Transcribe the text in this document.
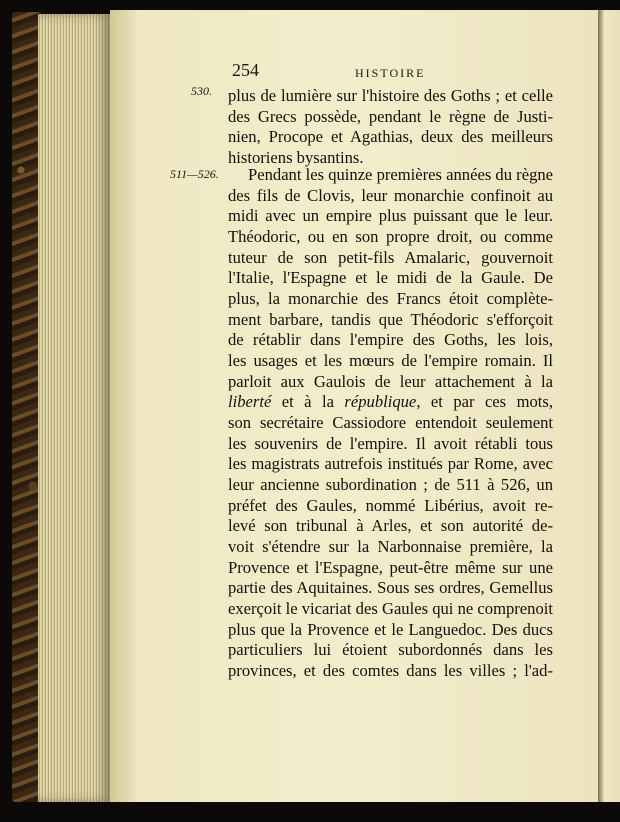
254	HISTOIRE
530.
511—526.

plus de lumière sur l'histoire des Goths ; et celle

des Grecs possède, pendant le règne de Justi-

nien, Procope et Agathias, deux des meilleurs

historiens bysantins.

Pendant les quinze premières années du règne

des fils de Clovis, leur monarchie confinoit au

midi avec un empire plus puissant que le leur.

Théodoric, ou en son propre droit, ou comme

tuteur de son petit-fils Amalaric, gouvernoit

l'Italie, l'Espagne et le midi de la Gaule. De

plus, la monarchie des Francs étoit complète-

ment barbare, tandis que Théodoric s'efforçoit

de rétablir dans l'empire des Goths, les lois,

les usages et les mœurs de l'empire romain. Il

parloit aux Gaulois de leur attachement à la

liberté et à la république, et par ces mots,

son secrétaire Cassiodore entendoit seulement

les souvenirs de l'empire. Il avoit rétabli tous

les magistrats autrefois institués par Rome, avec

leur ancienne subordination ; de 511 à 526, un

préfet des Gaules, nommé Libérius, avoit re-

levé son tribunal à Arles, et son autorité de-

voit s'étendre sur la Narbonnaise première, la

Provence et l'Espagne, peut-être même sur une

partie des Aquitaines. Sous ses ordres, Gemellus

exerçoit le vicariat des Gaules qui ne comprenoit

plus que la Provence et le Languedoc. Des ducs

particuliers lui étoient subordonnés dans les

provinces, et des comtes dans les villes ; l'ad-
